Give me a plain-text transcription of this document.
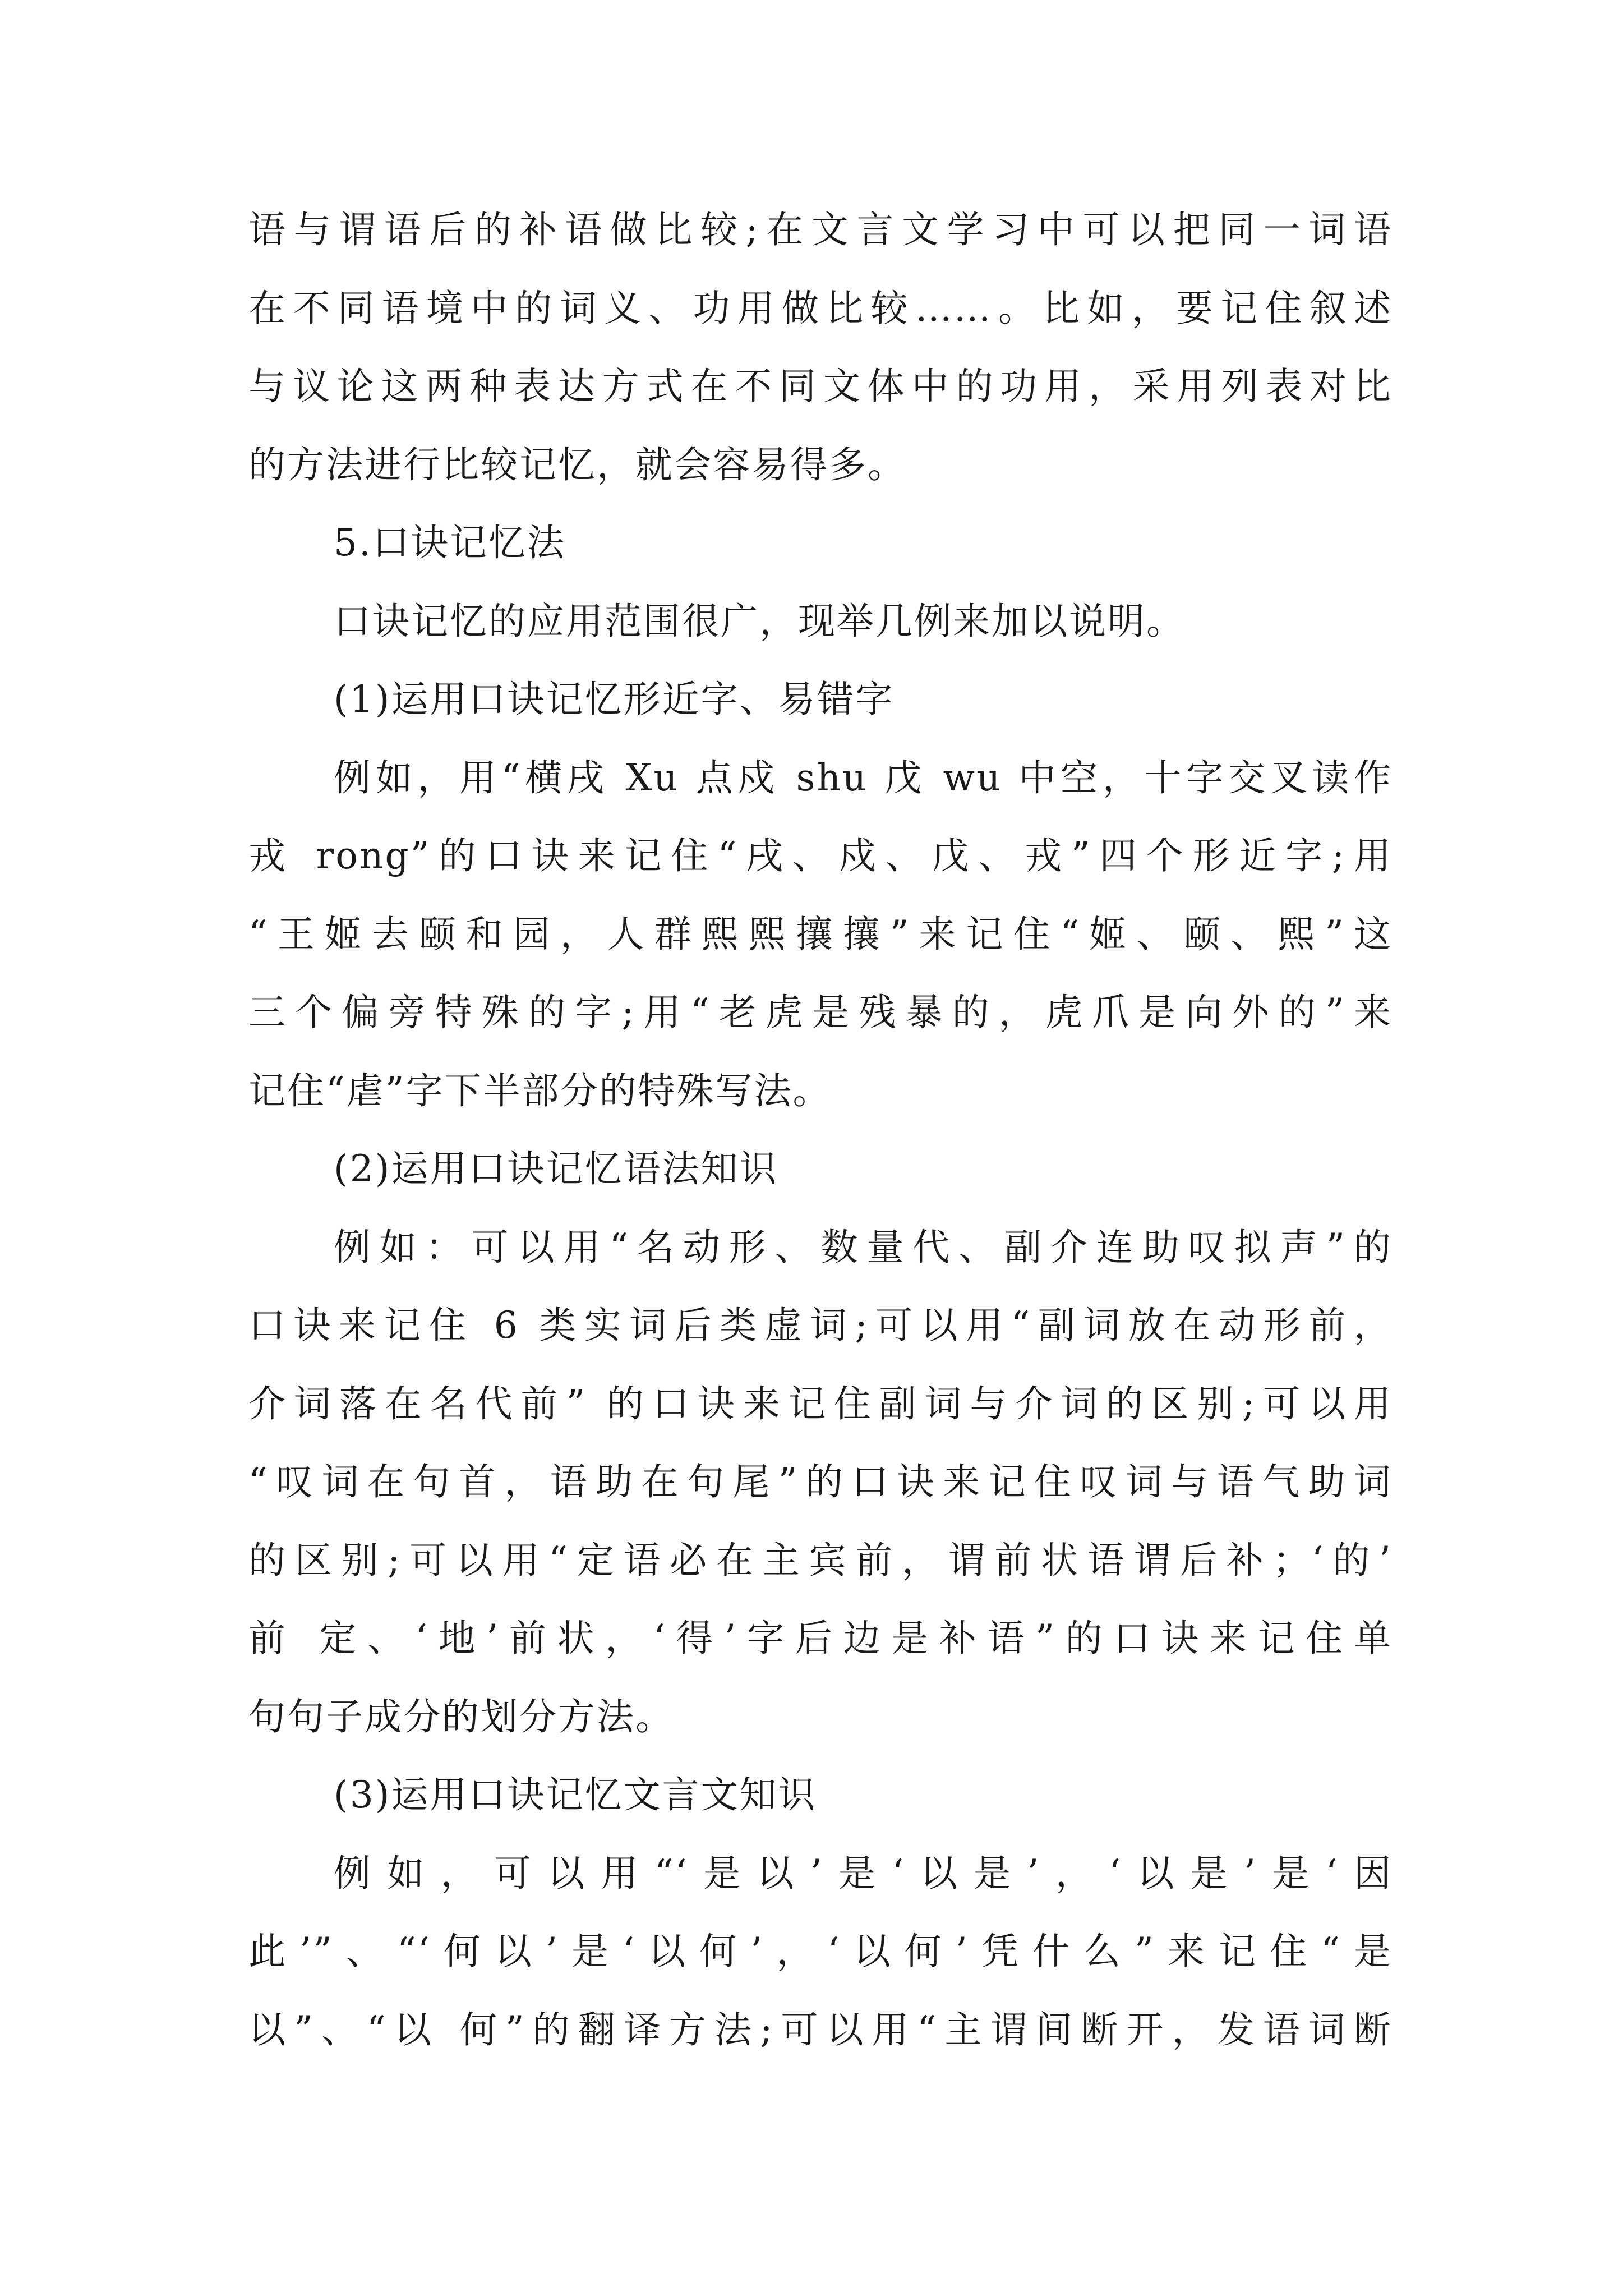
语与谓语后的补语做比较;在文言文学习中可以把同一词语
在不同语境中的词义、功用做比较……。比如，要记住叙述
与议论这两种表达方式在不同文体中的功用，采用列表对比
的方法进行比较记忆，就会容易得多。
5.口诀记忆法
口诀记忆的应用范围很广，现举几例来加以说明。
(1)运用口诀记忆形近字、易错字
例如，用“横戌 Xu 点戍 shu 戊 wu 中空，十字交叉读作
戎 rong”的口诀来记住“戌、戍、戊、戎”四个形近字;用
“王姬去颐和园，人群熙熙攘攘”来记住“姬、颐、熙”这
三个偏旁特殊的字;用“老虎是残暴的，虎爪是向外的”来
记住“虐”字下半部分的特殊写法。
(2)运用口诀记忆语法知识
例如：可以用“名动形、数量代、副介连助叹拟声”的
口诀来记住 6 类实词后类虚词;可以用“副词放在动形前，
介词落在名代前” 的口诀来记住副词与介词的区别;可以用
“叹词在句首，语助在句尾”的口诀来记住叹词与语气助词
的区别;可以用“定语必在主宾前，谓前状语谓后补；‘的’
前 定、‘地’前状，‘得’字后边是补语”的口诀来记住单
句句子成分的划分方法。
(3)运用口诀记忆文言文知识
例如，可以用“‘是以’是‘以是’，‘以是’是‘因
此’”、“‘何以’是‘以何’，‘以何’凭什么”来记住“是
以”、“以 何”的翻译方法;可以用“主谓间断开，发语词断
